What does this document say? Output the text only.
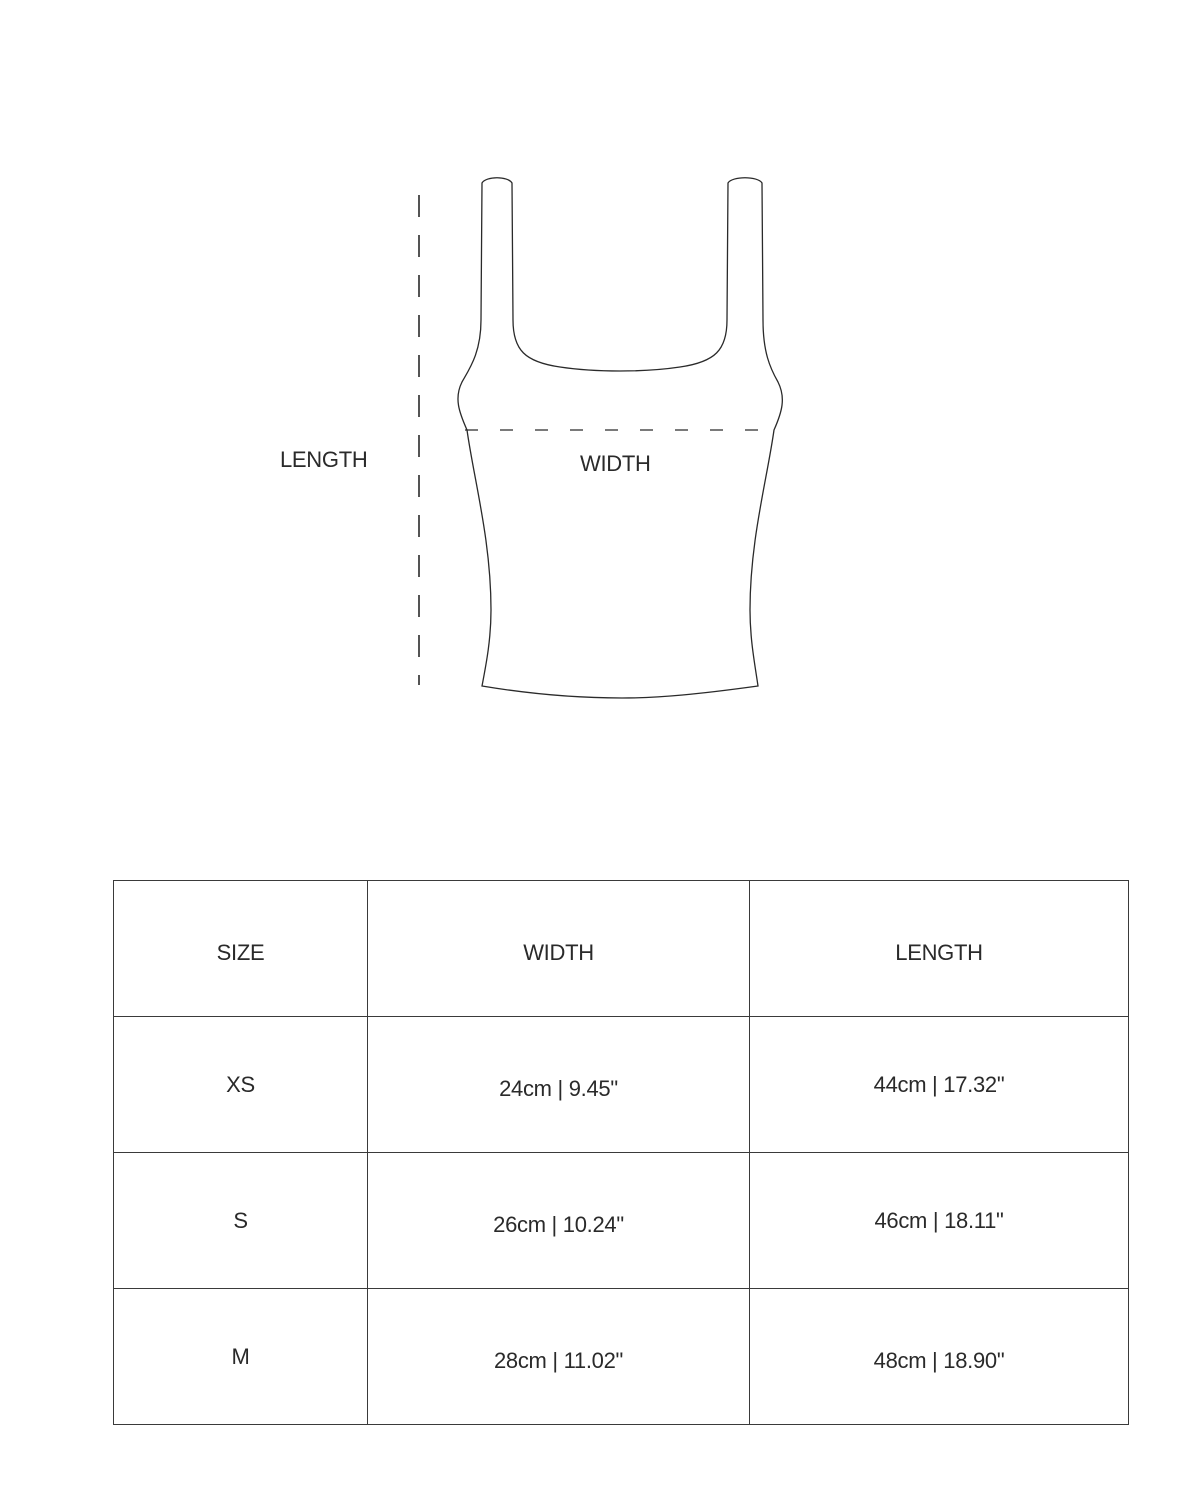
LENGTH	WIDTH
SIZE	WIDTH	LENGTH
XS	24cm | 9.45"	44cm | 17.32"
S	26cm | 10.24"	46cm | 18.11"
M	28cm | 11.02"	48cm | 18.90"
